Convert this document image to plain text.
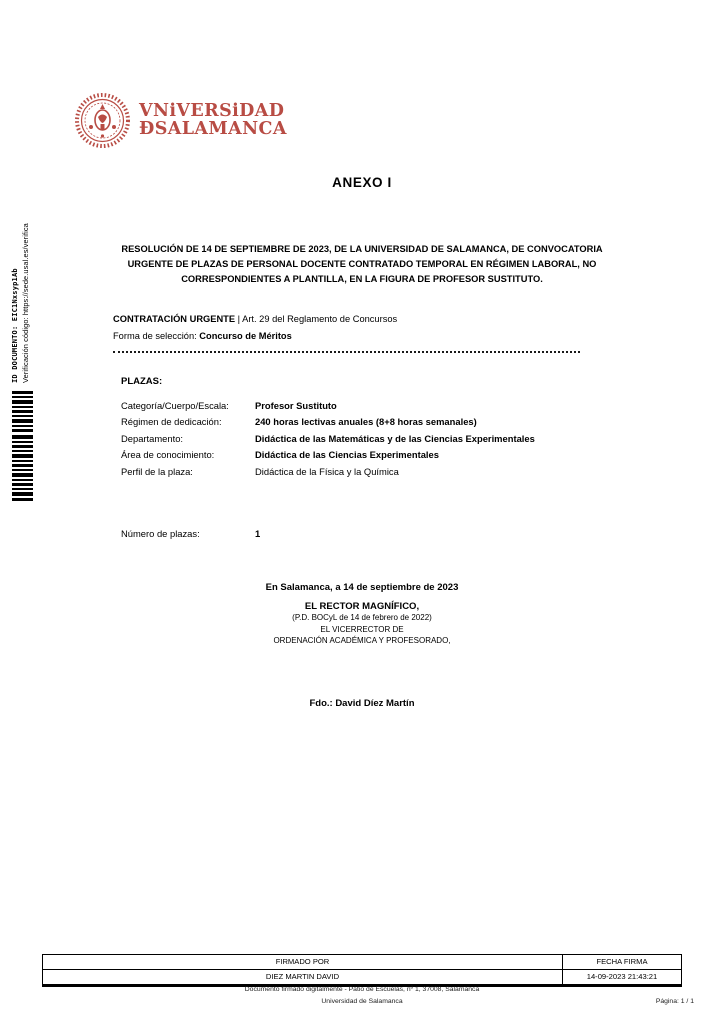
ID DOCUMENTO: EIC1Nxsyp1Ab Verificación código: https://sede.usal.es/verifica
VNiVERSiDAD
ÐSALAMANCA
ANEXO I
RESOLUCIÓN DE 14 DE SEPTIEMBRE DE 2023, DE LA UNIVERSIDAD DE SALAMANCA, DE CONVOCATORIA URGENTE DE PLAZAS DE PERSONAL DOCENTE CONTRATADO TEMPORAL EN RÉGIMEN LABORAL, NO CORRESPONDIENTES A PLANTILLA, EN LA FIGURA DE PROFESOR SUSTITUTO.
CONTRATACIÓN URGENTE | Art. 29 del Reglamento de Concursos
Forma de selección: Concurso de Méritos
PLAZAS:
Categoría/Cuerpo/Escala:	Profesor Sustituto
Régimen de dedicación:	240 horas lectivas anuales (8+8 horas semanales)
Departamento:	Didáctica de las Matemáticas y de las Ciencias Experimentales
Área de conocimiento:	Didáctica de las Ciencias Experimentales
Perfil de la plaza:	Didáctica de la Física y la Química
Número de plazas:	1
En Salamanca, a 14 de septiembre de 2023
EL RECTOR MAGNÍFICO,
(P.D. BOCyL de 14 de febrero de 2022)
EL VICERRECTOR DE
ORDENACIÓN ACADÉMICA Y PROFESORADO,
Fdo.: David Díez Martín
FIRMADO POR	FECHA FIRMA
DIEZ MARTIN DAVID	14-09-2023 21:43:21
Documento firmado digitalmente - Patio de Escuelas, nº 1, 37008, Salamanca
Universidad de Salamanca	Página: 1 / 1
